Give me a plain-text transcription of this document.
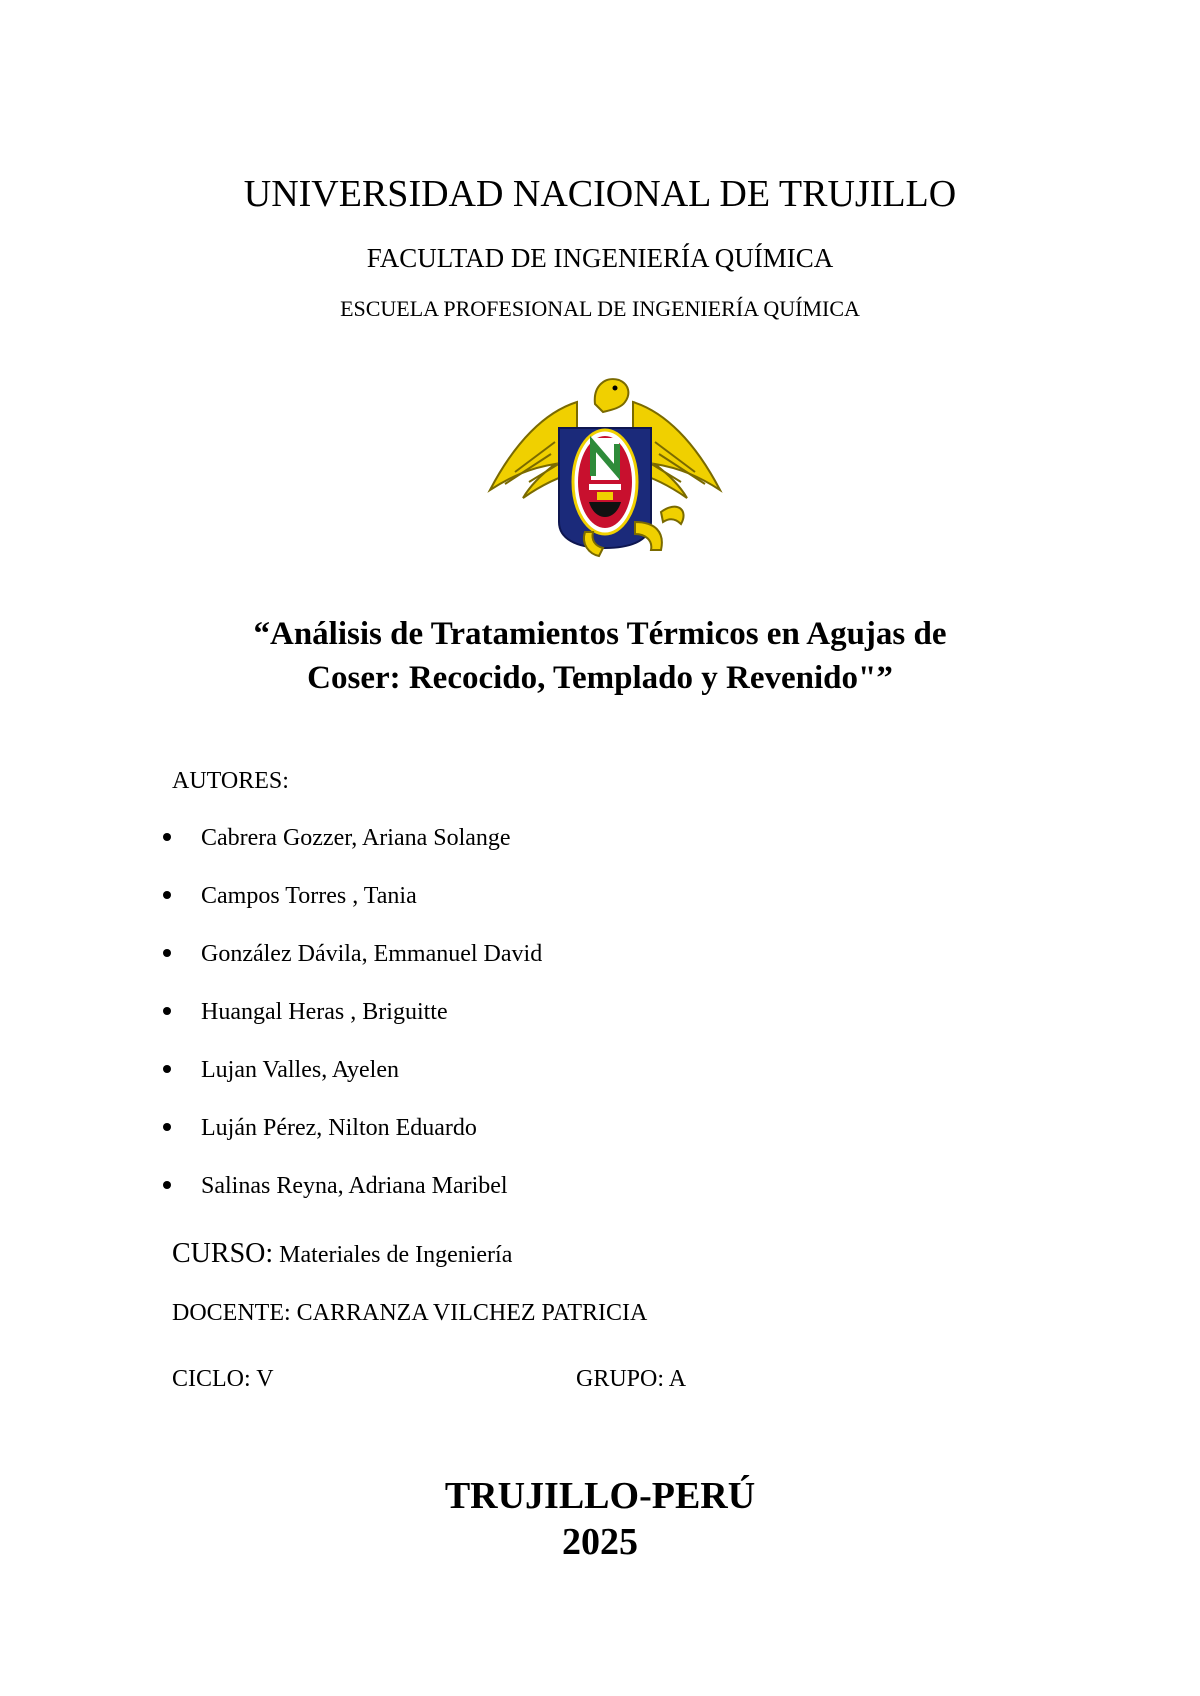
UNIVERSIDAD NACIONAL DE TRUJILLO
FACULTAD DE INGENIERÍA QUÍMICA
ESCUELA PROFESIONAL DE INGENIERÍA QUÍMICA
“Análisis de Tratamientos Térmicos en Agujas de
Coser: Recocido, Templado y Revenido"”
AUTORES:
Cabrera Gozzer, Ariana Solange
Campos Torres , Tania
González Dávila, Emmanuel David
Huangal Heras , Briguitte
Lujan Valles, Ayelen
Luján Pérez, Nilton Eduardo
Salinas Reyna, Adriana Maribel
CURSO: Materiales de Ingeniería
DOCENTE: CARRANZA VILCHEZ PATRICIA
CICLO: V	GRUPO: A
TRUJILLO-PERÚ
2025
